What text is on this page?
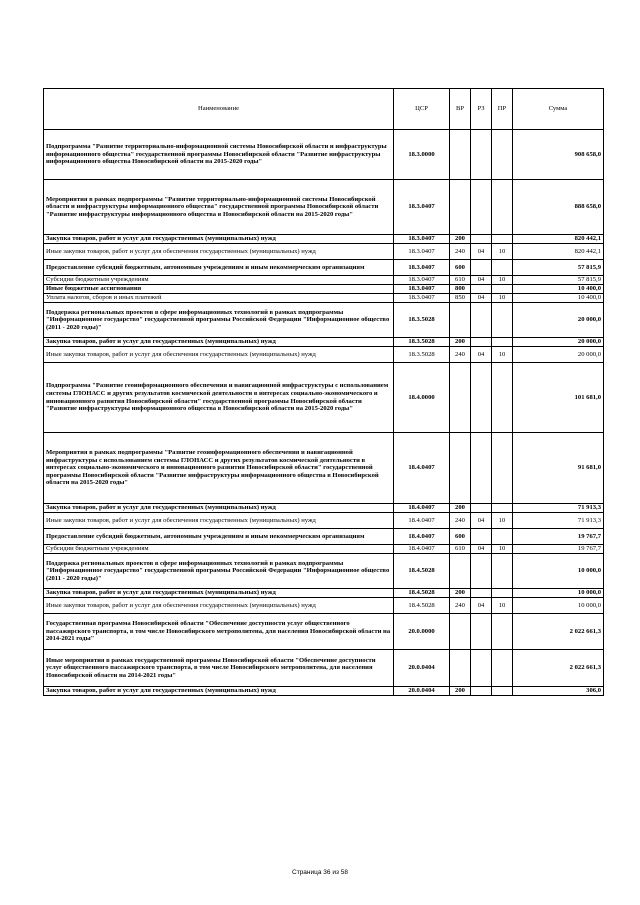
Наименование	ЦСР	ВР	РЗ	ПР	Сумма
Подпрограмма "Развитие территориально-информационной системы Новосибирской области и инфраструктуры информационного общества" государственной программы Новосибирской области "Развитие инфраструктуры информационного общества Новосибирской области на 2015-2020 годы"	18.3.0000				908 658,0
Мероприятия в рамках подпрограммы "Развитие территориально-информационной системы Новосибирской области и инфраструктуры информационного общества" государственной программы Новосибирской области "Развитие инфраструктуры информационного общества в Новосибирской области на 2015-2020 годы"	18.3.0407				888 658,0
Закупка товаров, работ и услуг для государственных (муниципальных) нужд	18.3.0407	200			820 442,1
Иные закупки товаров, работ и услуг для обеспечения государственных (муниципальных) нужд	18.3.0407	240	04	10	820 442,1
Предоставление субсидий бюджетным, автономным учреждениям и иным некоммерческим организациям	18.3.0407	600			57 815,9
Субсидии бюджетным учреждениям	18.3.0407	610	04	10	57 815,9
Иные бюджетные ассигнования	18.3.0407	800			10 400,0
Уплата налогов, сборов и иных платежей	18.3.0407	850	04	10	10 400,0
Поддержка региональных проектов в сфере информационных технологий в рамках подпрограммы "Информационное государство" государственной программы Российской Федерации "Информационное общество (2011 - 2020 годы)"	18.3.5028				20 000,0
Закупка товаров, работ и услуг для государственных (муниципальных) нужд	18.3.5028	200			20 000,0
Иные закупки товаров, работ и услуг для обеспечения государственных (муниципальных) нужд	18.3.5028	240	04	10	20 000,0
Подпрограмма "Развитие геоинформационного обеспечения и навигационной инфраструктуры с использованием системы ГЛОНАСС и других результатов космической деятельности в интересах социально-экономического и инновационного развития Новосибирской области" государственной программы Новосибирской области "Развитие инфраструктуры информационного общества в Новосибирской области на 2015-2020 годы"	18.4.0000				101 681,0
Мероприятия в рамках подпрограммы "Развитие геоинформационного обеспечения и навигационной инфраструктуры с использованием системы ГЛОНАСС и других результатов космической деятельности в интересах социально-экономического и инновационного развития Новосибирской области" государственной программы Новосибирской области "Развитие инфраструктуры информационного общества в Новосибирской области на 2015-2020 годы"	18.4.0407				91 681,0
Закупка товаров, работ и услуг для государственных (муниципальных) нужд	18.4.0407	200			71 913,3
Иные закупки товаров, работ и услуг для обеспечения государственных (муниципальных) нужд	18.4.0407	240	04	10	71 913,3
Предоставление субсидий бюджетным, автономным учреждениям и иным некоммерческим организациям	18.4.0407	600			19 767,7
Субсидии бюджетным учреждениям	18.4.0407	610	04	10	19 767,7
Поддержка региональных проектов в сфере информационных технологий в рамках подпрограммы "Информационное государство" государственной программы Российской Федерации "Информационное общество (2011 - 2020 годы)"	18.4.5028				10 000,0
Закупка товаров, работ и услуг для государственных (муниципальных) нужд	18.4.5028	200			10 000,0
Иные закупки товаров, работ и услуг для обеспечения государственных (муниципальных) нужд	18.4.5028	240	04	10	10 000,0
Государственная программа Новосибирской области "Обеспечение доступности услуг общественного пассажирского транспорта, в том числе Новосибирского метрополитена, для населения Новосибирской области на 2014-2021 годы"	20.0.0000				2 022 661,3
Иные мероприятия в рамках государственной программы Новосибирской области "Обеспечение доступности услуг общественного пассажирского транспорта, в том числе Новосибирского метрополитена, для населения Новосибирской области на 2014-2021 годы"	20.0.0404				2 022 661,3
Закупка товаров, работ и услуг для государственных (муниципальных) нужд	20.0.0404	200			306,0
Страница 36 из 58
